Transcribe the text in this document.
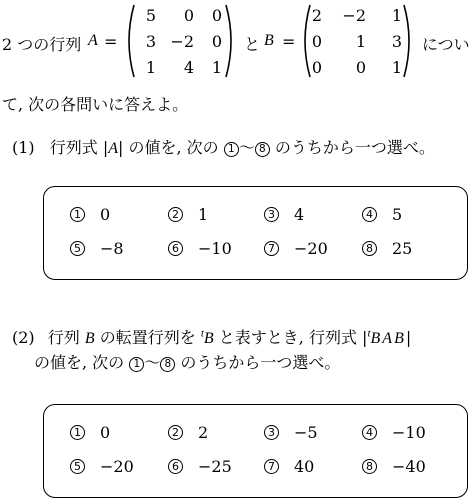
2 つの行列 A =
5	0	0
3 −2	0
1	4	1
と B =
2 −2	1
0	1	3
0	0	1
につい
て, 次の各問いに答えよ。
(1) 行列式 |A| の値を, 次の 1 〜 8 のうちから一つ選べ。
1 0	2 1	3 4	4 5
5 −8	6 −10	7 −20	8 25
(2) 行列 B の転置行列を $^t$B と表すとき, 行列式 $|^tBAB|$
の値を, 次の 1 〜 8 のうちから一つ選べ。
1 0	2 2	3 −5	4 −10
5 −20	6 −25	7 40	8 −40
